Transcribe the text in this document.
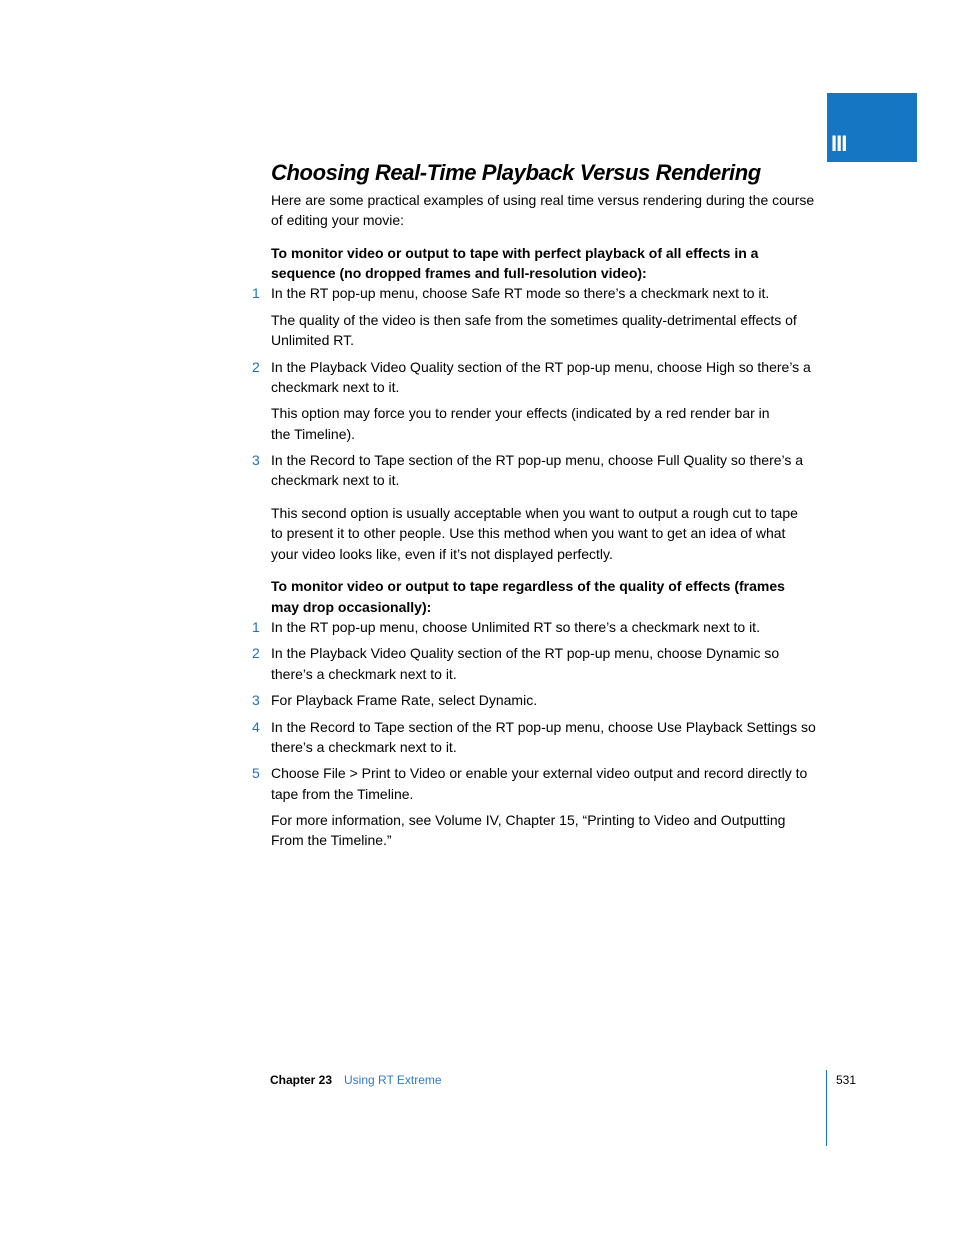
III
Choosing Real-Time Playback Versus Rendering

Here are some practical examples of using real time versus rendering during the course

of editing your movie:

To monitor video or output to tape with perfect playback of all effects in a

sequence (no dropped frames and full-resolution video):

1 In the RT pop-up menu, choose Safe RT mode so there’s a checkmark next to it.

The quality of the video is then safe from the sometimes quality-detrimental effects of

Unlimited RT.

2 In the Playback Video Quality section of the RT pop-up menu, choose High so there’s a

checkmark next to it.

This option may force you to render your effects (indicated by a red render bar in

the Timeline).

3 In the Record to Tape section of the RT pop-up menu, choose Full Quality so there’s a

checkmark next to it.

This second option is usually acceptable when you want to output a rough cut to tape

to present it to other people. Use this method when you want to get an idea of what

your video looks like, even if it’s not displayed perfectly.

To monitor video or output to tape regardless of the quality of effects (frames

may drop occasionally):

1 In the RT pop-up menu, choose Unlimited RT so there’s a checkmark next to it.

2 In the Playback Video Quality section of the RT pop-up menu, choose Dynamic so

there’s a checkmark next to it.

3 For Playback Frame Rate, select Dynamic.

4 In the Record to Tape section of the RT pop-up menu, choose Use Playback Settings so

there’s a checkmark next to it.

5 Choose File > Print to Video or enable your external video output and record directly to

tape from the Timeline.

For more information, see Volume IV, Chapter 15, “Printing to Video and Outputting

From the Timeline.”

Chapter 23 Using RT Extreme	531
